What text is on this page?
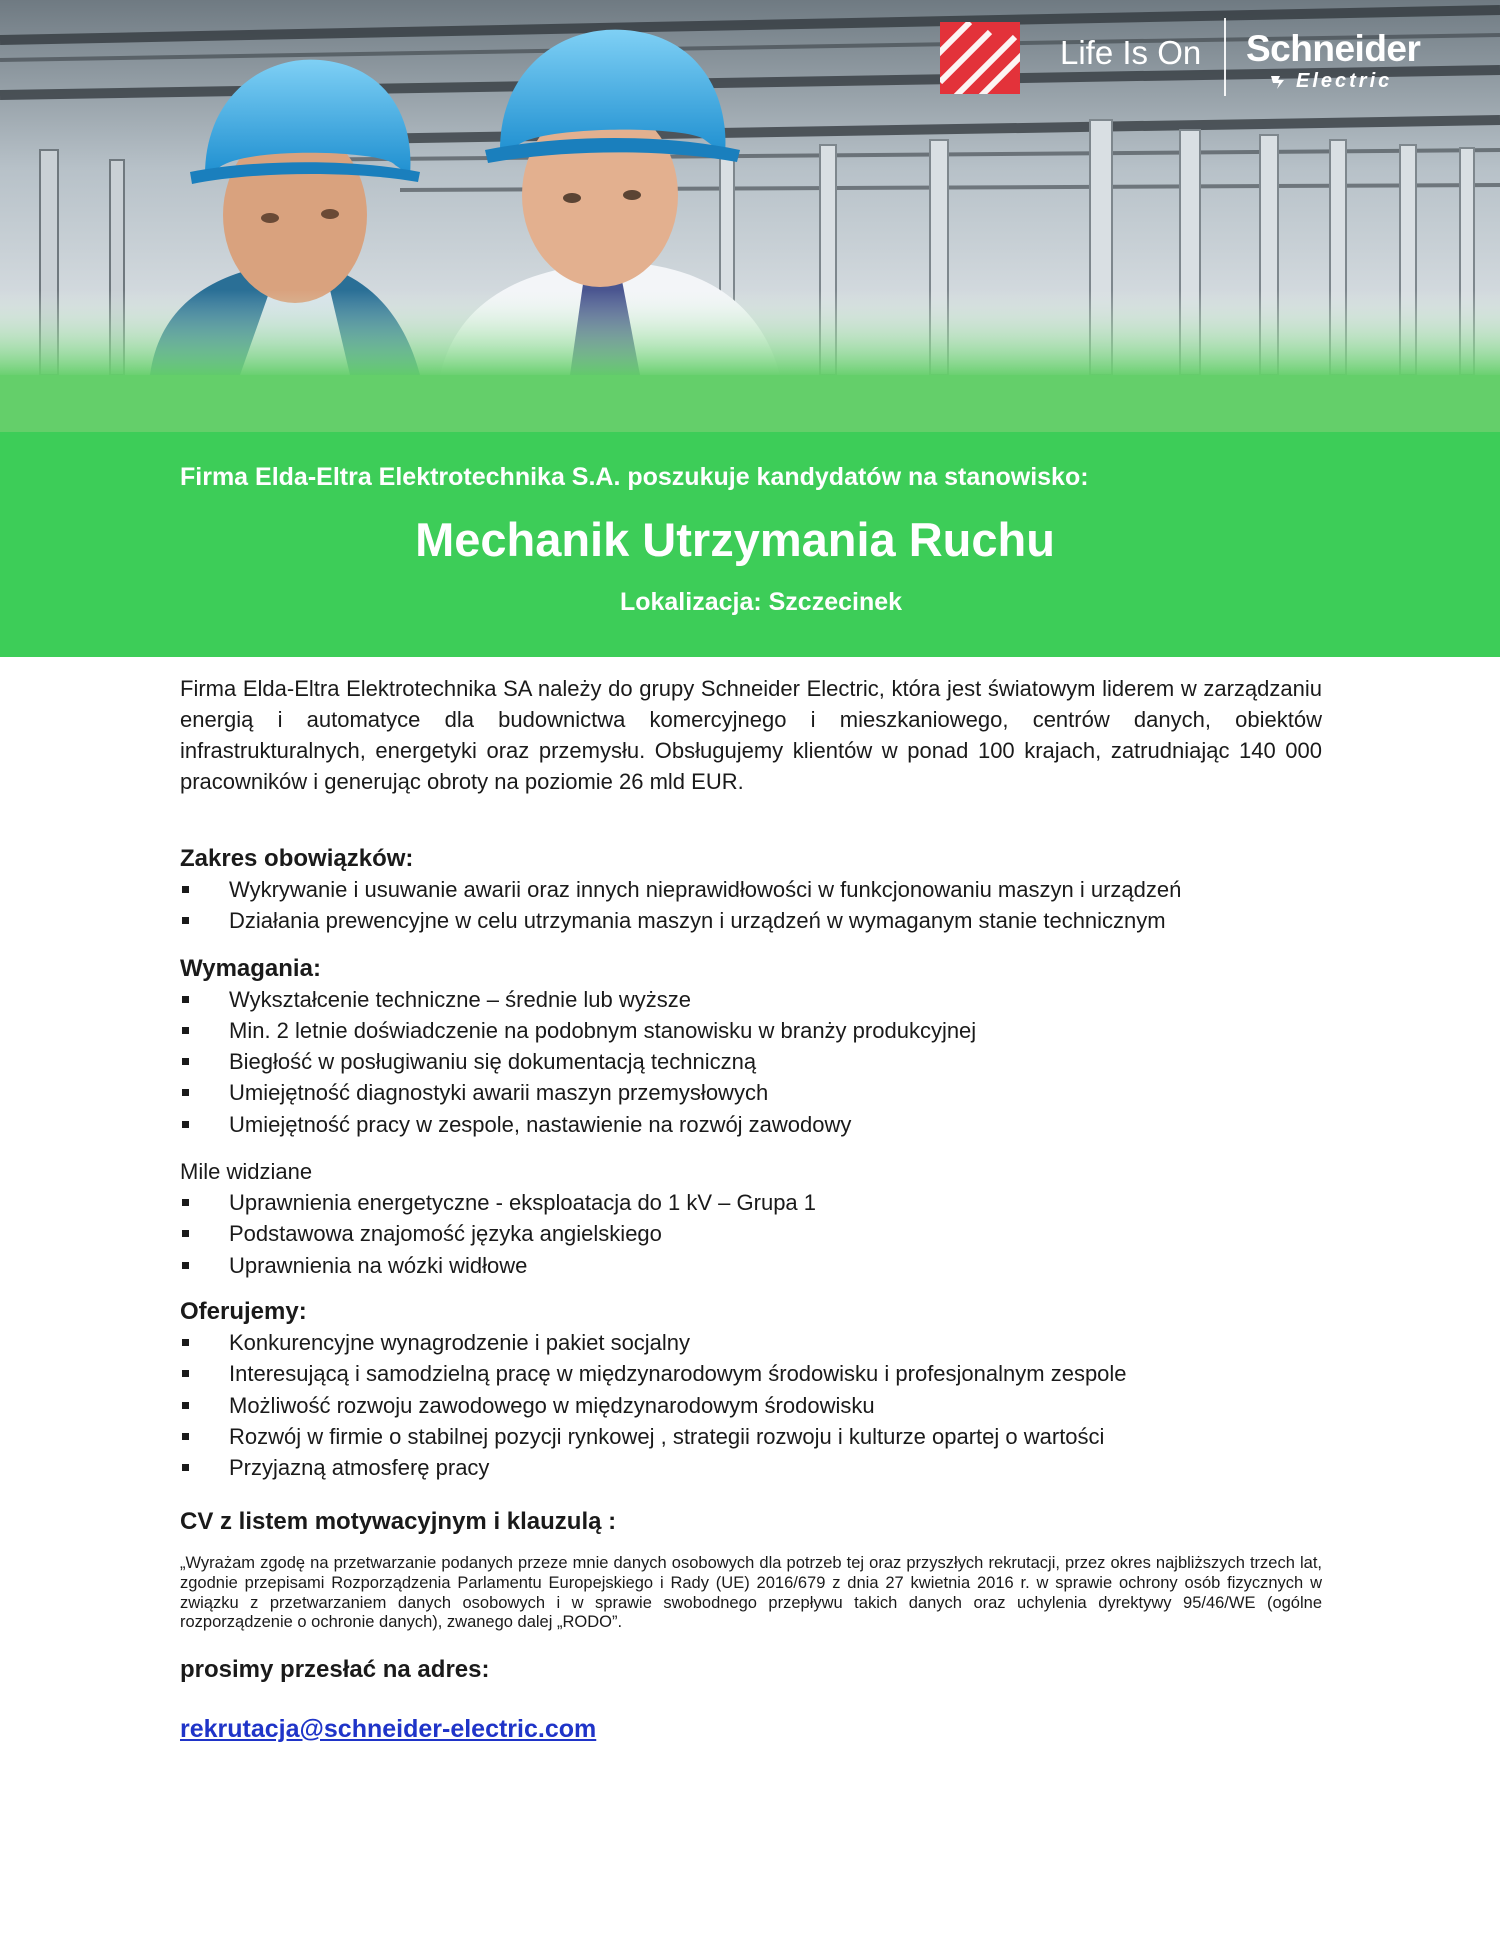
Life Is On Schneider
Electric
Firma Elda-Eltra Elektrotechnika S.A. poszukuje kandydatów na stanowisko:
Mechanik Utrzymania Ruchu
Lokalizacja: Szczecinek

Firma Elda-Eltra Elektrotechnika SA należy do grupy Schneider Electric, która jest światowym liderem w zarządzaniu energią i automatyce dla budownictwa komercyjnego i mieszkaniowego, centrów danych, obiektów infrastrukturalnych, energetyki oraz przemysłu. Obsługujemy klientów w ponad 100 krajach, zatrudniając 140 000 pracowników i generując obroty na poziomie 26 mld EUR.

Zakres obowiązków:
Wykrywanie i usuwanie awarii oraz innych nieprawidłowości w funkcjonowaniu maszyn i urządzeń
Działania prewencyjne w celu utrzymania maszyn i urządzeń w wymaganym stanie technicznym
Wymagania:
Wykształcenie techniczne – średnie lub wyższe
Min. 2 letnie doświadczenie na podobnym stanowisku w branży produkcyjnej
Biegłość w posługiwaniu się dokumentacją techniczną
Umiejętność diagnostyki awarii maszyn przemysłowych
Umiejętność pracy w zespole, nastawienie na rozwój zawodowy

Mile widziane

Uprawnienia energetyczne - eksploatacja do 1 kV – Grupa 1
Podstawowa znajomość języka angielskiego
Uprawnienia na wózki widłowe
Oferujemy:
Konkurencyjne wynagrodzenie i pakiet socjalny
Interesującą i samodzielną pracę w międzynarodowym środowisku i profesjonalnym zespole
Możliwość rozwoju zawodowego w międzynarodowym środowisku
Rozwój w firmie o stabilnej pozycji rynkowej , strategii rozwoju i kulturze opartej o wartości
Przyjazną atmosferę pracy
CV z listem motywacyjnym i klauzulą :

„Wyrażam zgodę na przetwarzanie podanych przeze mnie danych osobowych dla potrzeb tej oraz przyszłych rekrutacji, przez okres najbliższych trzech lat, zgodnie przepisami Rozporządzenia Parlamentu Europejskiego i Rady (UE) 2016/679 z dnia 27 kwietnia 2016 r. w sprawie ochrony osób fizycznych w związku z przetwarzaniem danych osobowych i w sprawie swobodnego przepływu takich danych oraz uchylenia dyrektywy 95/46/WE (ogólne rozporządzenie o ochronie danych), zwanego dalej „RODO”.

prosimy przesłać na adres:
rekrutacja@schneider-electric.com
